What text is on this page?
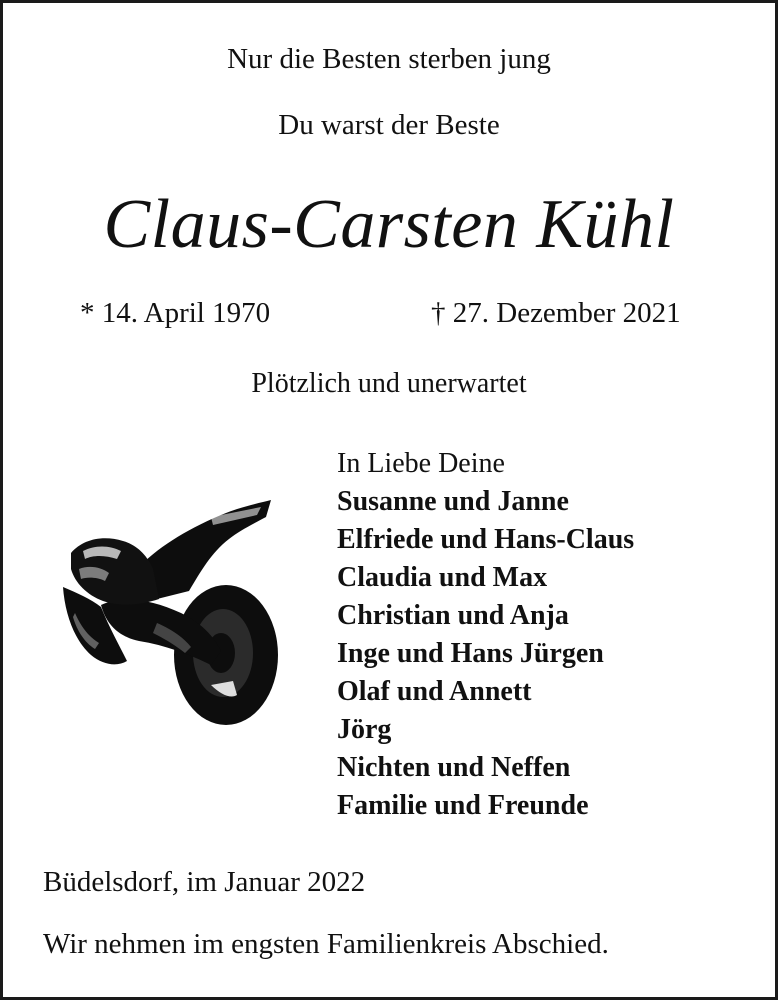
Nur die Besten sterben jung
Du warst der Beste
Claus-Carsten Kühl
* 14. April 1970	† 27. Dezember 2021
Plötzlich und unerwartet
In Liebe Deine
Susanne und Janne
Elfriede und Hans-Claus
Claudia und Max
Christian und Anja
Inge und Hans Jürgen
Olaf und Annett
Jörg
Nichten und Neffen
Familie und Freunde
Büdelsdorf, im Januar 2022
Wir nehmen im engsten Familienkreis Abschied.
